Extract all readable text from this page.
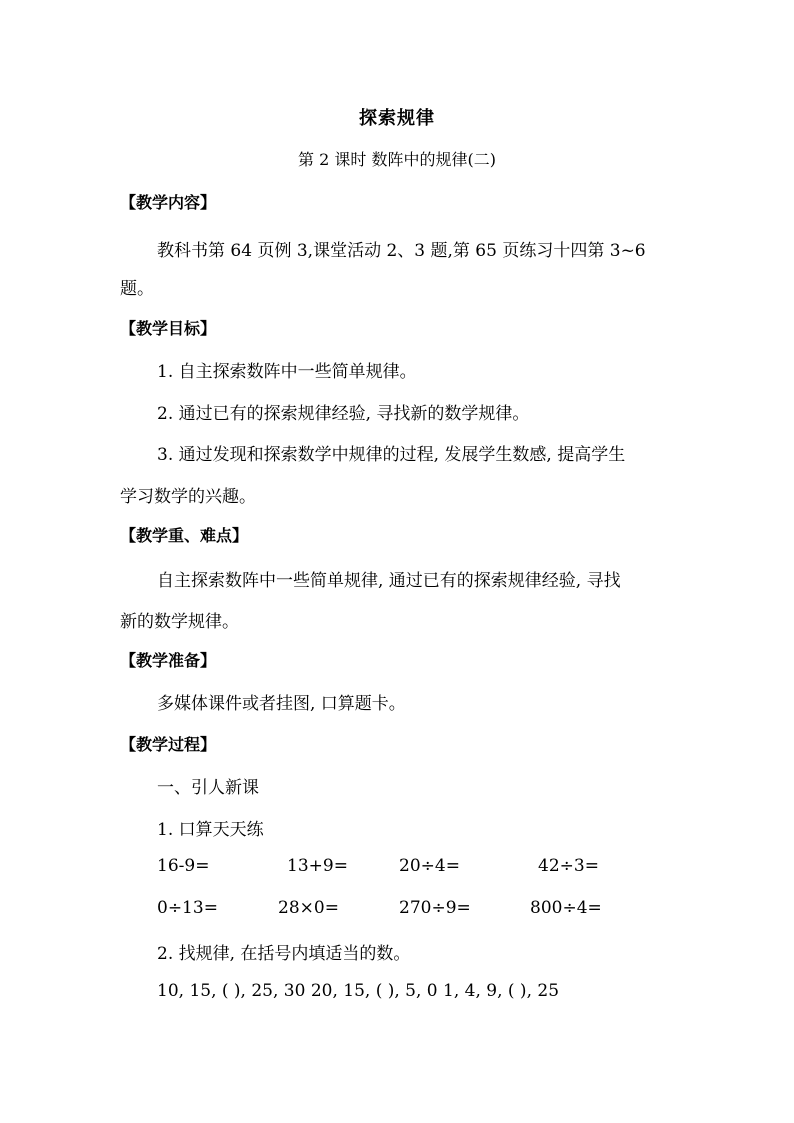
探索规律
第 2 课时 数阵中的规律(二)
【教学内容】
教科书第 64 页例 3,课堂活动 2、3 题,第 65 页练习十四第 3~6
题。
【教学目标】
1. 自主探索数阵中一些简单规律。
2. 通过已有的探索规律经验, 寻找新的数学规律。
3. 通过发现和探索数学中规律的过程, 发展学生数感, 提高学生
学习数学的兴趣。
【教学重、难点】
自主探索数阵中一些简单规律, 通过已有的探索规律经验, 寻找
新的数学规律。
【教学准备】
多媒体课件或者挂图, 口算题卡。
【教学过程】
一、引人新课
1. 口算天天练
16-9=	13+9=	20÷4=	42÷3=
0÷13=	28×0=	270÷9=	800÷4=
2. 找规律, 在括号内填适当的数。
10, 15, ( ), 25, 30 20, 15, ( ), 5, 0 1, 4, 9, ( ), 25
